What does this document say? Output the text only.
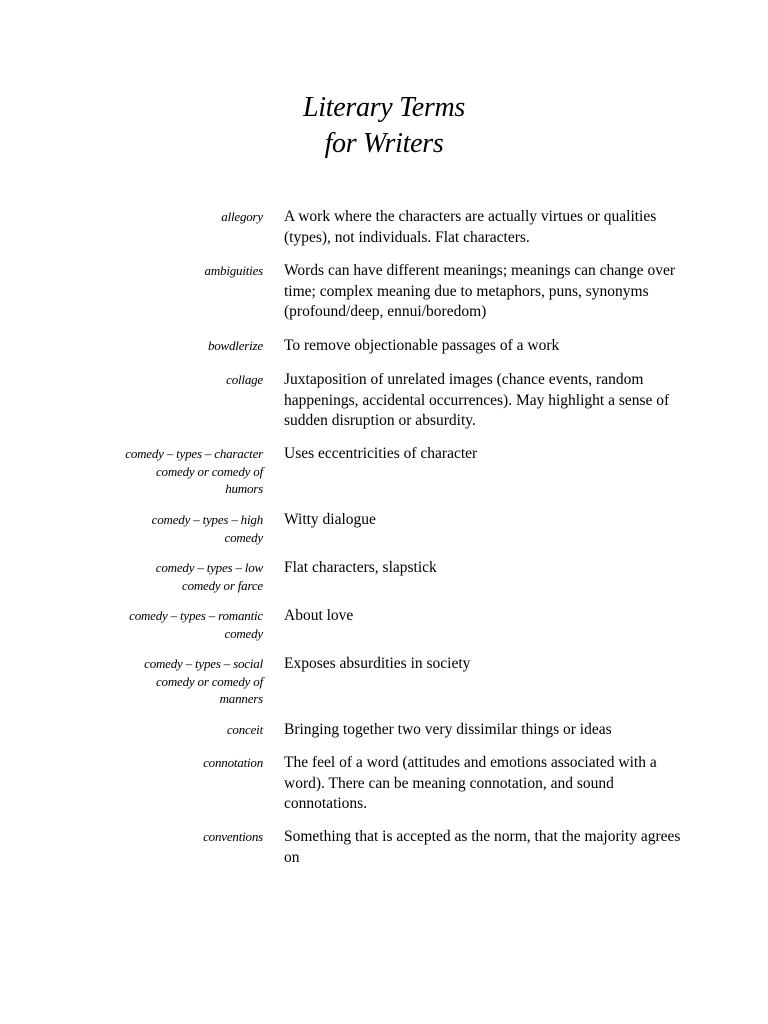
Literary Terms
for Writers
allegory A work where the characters are actually virtues or qualities (types), not individuals. Flat characters.
ambiguities Words can have different meanings; meanings can change over time; complex meaning due to metaphors, puns, synonyms (profound/deep, ennui/boredom)
bowdlerize To remove objectionable passages of a work
collage Juxtaposition of unrelated images (chance events, random happenings, accidental occurrences). May highlight a sense of sudden disruption or absurdity.
comedy – types – character
comedy or comedy of
humors
Uses eccentricities of character
comedy – types – high
comedy
Witty dialogue
comedy – types – low
comedy or farce
Flat characters, slapstick
comedy – types – romantic
comedy
About love
comedy – types – social
comedy or comedy of
manners
Exposes absurdities in society
conceit Bringing together two very dissimilar things or ideas
connotation The feel of a word (attitudes and emotions associated with a word). There can be meaning connotation, and sound connotations.
conventions Something that is accepted as the norm, that the majority agrees on
